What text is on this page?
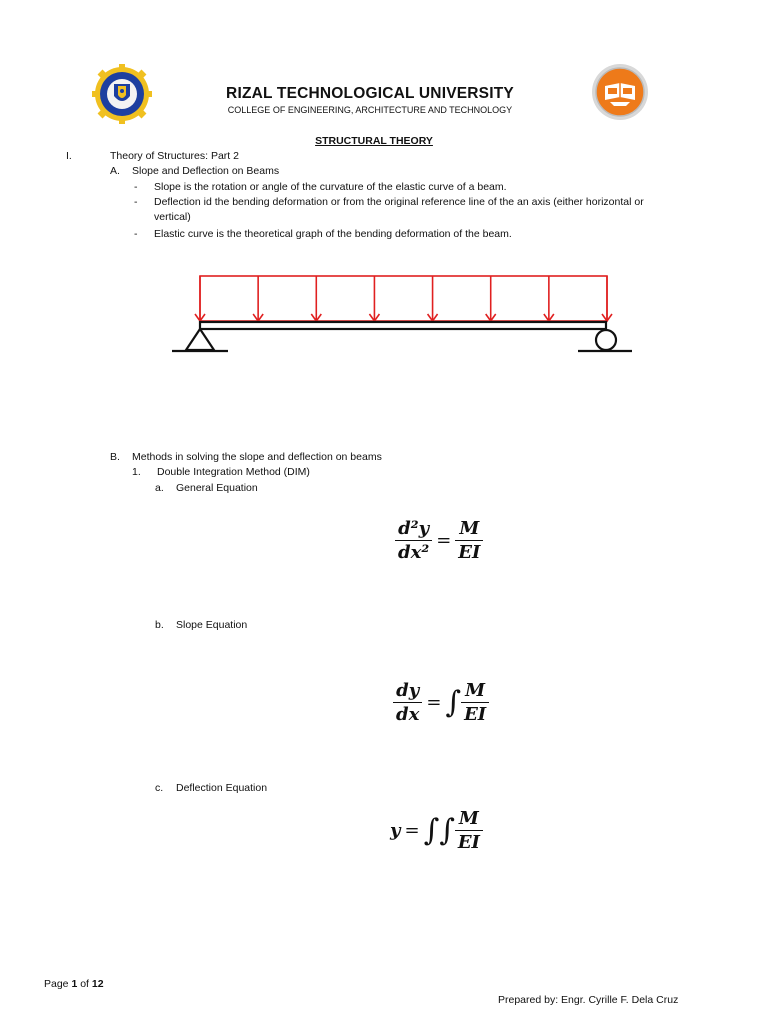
RIZAL TECHNOLOGICAL UNIVERSITY
COLLEGE OF ENGINEERING, ARCHITECTURE AND TECHNOLOGY
STRUCTURAL THEORY
I.	Theory of Structures: Part 2
A. Slope and Deflection on Beams
- Slope is the rotation or angle of the curvature of the elastic curve of a beam.
- Deflection id the bending deformation or from the original reference line of the an axis (either horizontal or
vertical)
- Elastic curve is the theoretical graph of the bending deformation of the beam.
B. Methods in solving the slope and deflection on beams
1. Double Integration Method (DIM)
a. General Equation
$\frac{\text{d²y}}{\text{dx²}} = \frac{M}{EI}$
b. Slope Equation
$\frac{dy}{dx}$ = ∫ $\frac{M}{EI}$
c. Deflection Equation
y = ∫∫ $\frac{M}{EI}$
Page 1 of 12
Prepared by: Engr. Cyrille F. Dela Cruz
